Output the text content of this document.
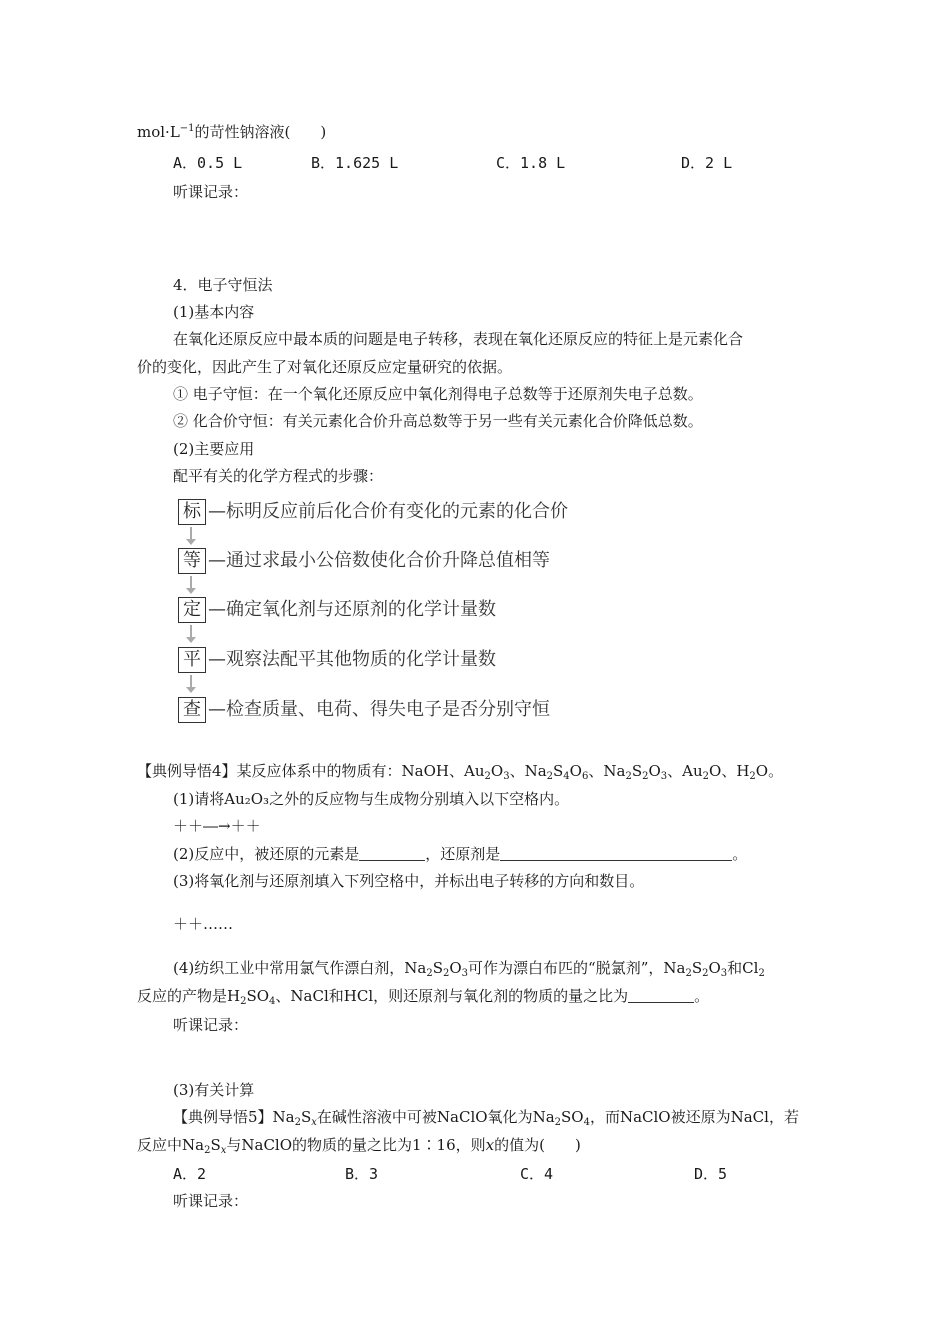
$mol\cdot L^{-1}$的苛性钠溶液(　　)
A．0.5 L	B．1.625 L	C．1.8 L	D．2 L
听课记录：
4．电子守恒法
(1)基本内容
在氧化还原反应中最本质的问题是电子转移，表现在氧化还原反应的特征上是元素化合
价的变化，因此产生了对氧化还原反应定量研究的依据。
① 电子守恒：在一个氧化还原反应中氧化剂得电子总数等于还原剂失电子总数。
② 化合价守恒：有关元素化合价升高总数等于另一些有关元素化合价降低总数。
(2)主要应用
配平有关的化学方程式的步骤：
标 —标明反应前后化合价有变化的元素的化合价
等 —通过求最小公倍数使化合价升降总值相等
定 —确定氧化剂与还原剂的化学计量数
平 —观察法配平其他物质的化学计量数
查 —检查质量、电荷、得失电子是否分别守恒
【典例导悟4】某反应体系中的物质有：NaOH、$Au_2O_3$、$Na_2S_4O_6$、$Na_2S_2O_3$、$Au_2O$、$H_2O$。
(1)请将Au₂O₃之外的反应物与生成物分别填入以下空格内。
＋＋―→＋＋
(2)反应中，被还原的元素是	，还原剂是	。
(3)将氧化剂与还原剂填入下列空格中，并标出电子转移的方向和数目。
＋＋……
(4)纺织工业中常用氯气作漂白剂，$Na_2S_2O_3$可作为漂白布匹的“脱氯剂”，$Na_2S_2O_3$和$Cl_2$
反应的产物是$H_2SO_4$、NaCl和HCl，则还原剂与氧化剂的物质的量之比为	。
听课记录：
(3)有关计算
【典例导悟5】$Na_2S_x$在碱性溶液中可被NaClO氧化为$Na_2SO_4$，而NaClO被还原为NaCl，若
反应中$Na_2S_x$与NaClO的物质的量之比为1∶16，则x的值为(　　)
A．2	B．3	C．4	D．5
听课记录：
